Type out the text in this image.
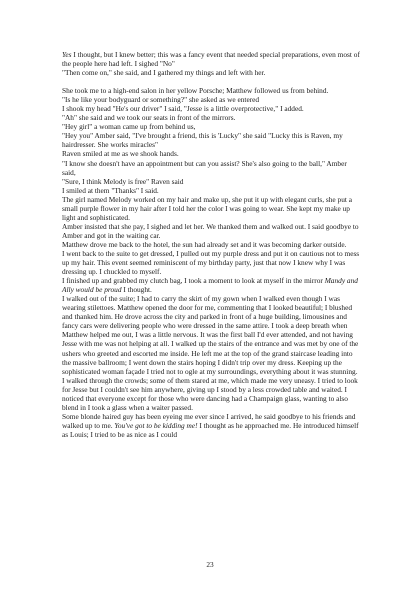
Yes I thought, but I knew better; this was a fancy event that needed special preparations, even most of the people here had left. I sighed "No"

"Then come on," she said, and I gathered my things and left with her.

She took me to a high-end salon in her yellow Porsche; Matthew followed us from behind.

"Is he like your bodyguard or something?" she asked as we entered

I shook my head "He's our driver" I said, "Jesse is a little overprotective," I added.

"Ah" she said and we took our seats in front of the mirrors.

"Hey girl" a woman came up from behind us,

"Hey you" Amber said, "I've brought a friend, this is 'Lucky" she said "Lucky this is Raven, my hairdresser. She works miracles"

Raven smiled at me as we shook hands.

"I know she doesn't have an appointment but can you assist? She's also going to the ball," Amber said,

"Sure, I think Melody is free" Raven said

I smiled at them "Thanks" I said.

The girl named Melody worked on my hair and make up, she put it up with elegant curls, she put a small purple flower in my hair after I told her the color I was going to wear. She kept my make up light and sophisticated.

Amber insisted that she pay, I sighed and let her. We thanked them and walked out. I said goodbye to Amber and got in the waiting car.

Matthew drove me back to the hotel, the sun had already set and it was becoming darker outside.

I went back to the suite to get dressed, I pulled out my purple dress and put it on cautious not to mess up my hair. This event seemed reminiscent of my birthday party, just that now I knew why I was dressing up. I chuckled to myself.

I finished up and grabbed my clutch bag, I took a moment to look at myself in the mirror Mandy and Ally would be proud I thought.

I walked out of the suite; I had to carry the skirt of my gown when I walked even though I was wearing stilettoes. Matthew opened the door for me, commenting that I looked beautiful; I blushed and thanked him. He drove across the city and parked in front of a huge building, limousines and fancy cars were delivering people who were dressed in the same attire. I took a deep breath when Matthew helped me out, I was a little nervous. It was the first ball I'd ever attended, and not having Jesse with me was not helping at all. I walked up the stairs of the entrance and was met by one of the ushers who greeted and escorted me inside. He left me at the top of the grand staircase leading into the massive ballroom; I went down the stairs hoping I didn't trip over my dress. Keeping up the sophisticated woman façade I tried not to ogle at my surroundings, everything about it was stunning.

I walked through the crowds; some of them stared at me, which made me very uneasy. I tried to look for Jesse but I couldn't see him anywhere, giving up I stood by a less crowded table and waited. I noticed that everyone except for those who were dancing had a Champaign glass, wanting to also blend in I took a glass when a waiter passed.

Some blonde haired guy has been eyeing me ever since I arrived, he said goodbye to his friends and walked up to me. You've got to be kidding me! I thought as he approached me. He introduced himself as Louis; I tried to be as nice as I could

23
